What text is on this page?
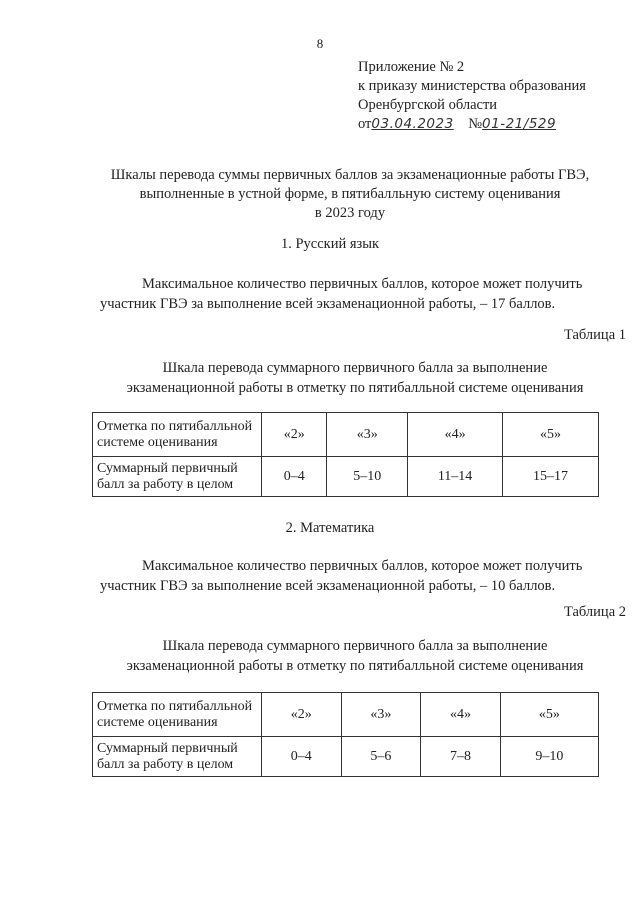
8
Приложение № 2
к приказу министерства образования
Оренбургской области
от03.04.2023 №01-21/529
Шкалы перевода суммы первичных баллов за экзаменационные работы ГВЭ,
выполненные в устной форме, в пятибалльную систему оценивания
в 2023 году
1. Русский язык
Максимальное количество первичных баллов, которое может получить
участник ГВЭ за выполнение всей экзаменационной работы, – 17 баллов.
Таблица 1
Шкала перевода суммарного первичного балла за выполнение
экзаменационной работы в отметку по пятибалльной системе оценивания
Отметка по пятибалльной системе оценивания	«2»	«3»	«4»	«5»
Суммарный первичный балл за работу в целом	0–4	5–10	11–14	15–17
2. Математика
Максимальное количество первичных баллов, которое может получить
участник ГВЭ за выполнение всей экзаменационной работы, – 10 баллов.
Таблица 2
Шкала перевода суммарного первичного балла за выполнение
экзаменационной работы в отметку по пятибалльной системе оценивания
Отметка по пятибалльной системе оценивания	«2»	«3»	«4»	«5»
Суммарный первичный балл за работу в целом	0–4	5–6	7–8	9–10
